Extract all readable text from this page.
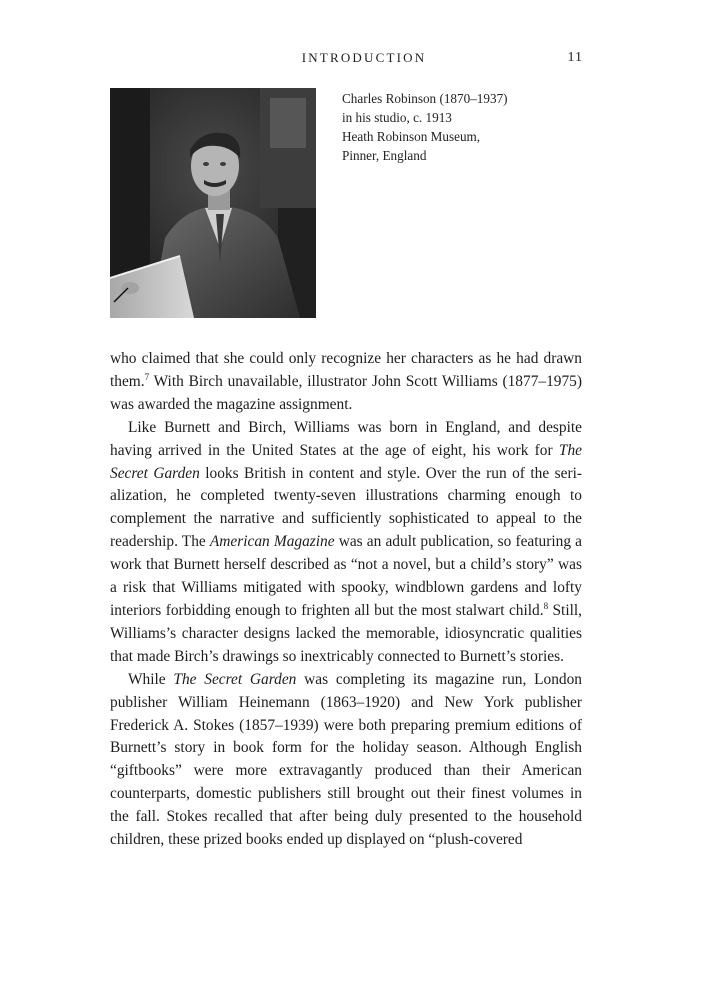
INTRODUCTION	11
Charles Robinson (1870–1937)
in his studio, c. 1913
Heath Robinson Museum,
Pinner, England

who claimed that she could only recognize her characters as he had drawn them.$^7$ With Birch unavailable, illustrator John Scott Williams (1877–1975) was awarded the magazine assignment.

Like Burnett and Birch, Williams was born in England, and despite having arrived in the United States at the age of eight, his work for The Secret Garden looks British in content and style. Over the run of the serialization, he completed twenty-seven illustrations charming enough to complement the narrative and sufficiently sophisticated to appeal to the readership. The American Magazine was an adult publication, so featuring a work that Burnett herself described as “not a novel, but a child’s story” was a risk that Williams mitigated with spooky, windblown gardens and lofty interiors forbidding enough to frighten all but the most stalwart child.$^8$ Still, Williams’s character designs lacked the memorable, idiosyncratic qualities that made Birch’s drawings so inextricably connected to Burnett’s stories.

While The Secret Garden was completing its magazine run, London publisher William Heinemann (1863–1920) and New York publisher Frederick A. Stokes (1857–1939) were both preparing premium editions of Burnett’s story in book form for the holiday season. Although English “giftbooks” were more extravagantly produced than their American counterparts, domestic publishers still brought out their finest volumes in the fall. Stokes recalled that after being duly presented to the household children, these prized books ended up displayed on “plush-covered
